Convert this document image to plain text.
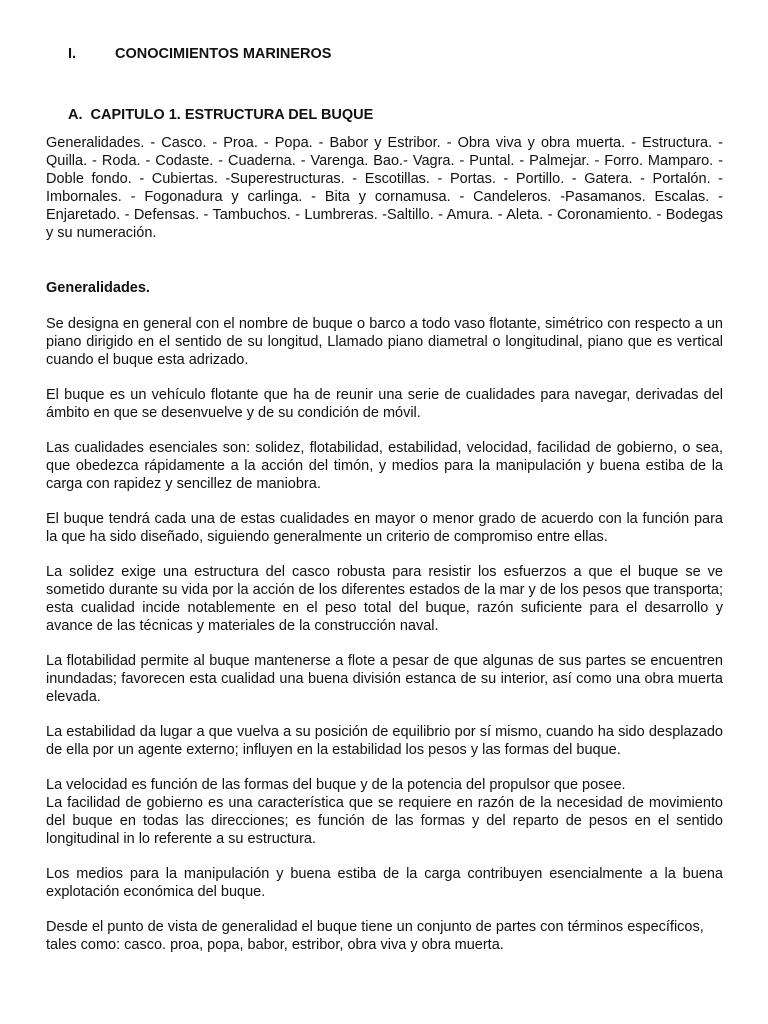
I.	CONOCIMIENTOS MARINEROS
A.  CAPITULO 1. ESTRUCTURA DEL BUQUE

Generalidades. - Casco. - Proa. - Popa. - Babor y Estribor. - Obra viva y obra muerta. - Estructura. - Quilla. - Roda. - Codaste. - Cuaderna. - Varenga. Bao.- Vagra. - Puntal. - Palmejar. - Forro. Mamparo. - Doble fondo. - Cubiertas. -Superestructuras. - Escotillas. - Portas. - Portillo. - Gatera. - Portalón. - Imbornales. - Fogonadura y carlinga. - Bita y cornamusa. - Candeleros. -Pasamanos. Escalas. - Enjaretado. - Defensas. - Tambuchos. - Lumbreras. -Saltillo. - Amura. - Aleta. - Coronamiento. - Bodegas y su numeración.

Generalidades.

Se designa en general con el nombre de buque o barco a todo vaso flotante, simétrico con respecto a un piano dirigido en el sentido de su longitud, Llamado piano diametral o longitudinal, piano que es vertical cuando el buque esta adrizado.

El buque es un vehículo flotante que ha de reunir una serie de cualidades para navegar, derivadas del ámbito en que se desenvuelve y de su condición de móvil.

Las cualidades esenciales son: solidez, flotabilidad, estabilidad, velocidad, facilidad de gobierno, o sea, que obedezca rápidamente a la acción del timón, y medios para la manipulación y buena estiba de la carga con rapidez y sencillez de maniobra.

El buque tendrá cada una de estas cualidades en mayor o menor grado de acuerdo con la función para la que ha sido diseñado, siguiendo generalmente un criterio de compromiso entre ellas.

La solidez exige una estructura del casco robusta para resistir los esfuerzos a que el buque se ve sometido durante su vida por la acción de los diferentes estados de la mar y de los pesos que transporta; esta cualidad incide notablemente en el peso total del buque, razón suficiente para el desarrollo y avance de las técnicas y materiales de la construcción naval.

La flotabilidad permite al buque mantenerse a flote a pesar de que algunas de sus partes se encuentren inundadas; favorecen esta cualidad una buena división estanca de su interior, así como una obra muerta elevada.

La estabilidad da lugar a que vuelva a su posición de equilibrio por sí mismo, cuando ha sido desplazado de ella por un agente externo; influyen en la estabilidad los pesos y las formas del buque.

La velocidad es función de las formas del buque y de la potencia del propulsor que posee.

La facilidad de gobierno es una característica que se requiere en razón de la necesidad de movimiento del buque en todas las direcciones; es función de las formas y del reparto de pesos en el sentido longitudinal in lo referente a su estructura.

Los medios para la manipulación y buena estiba de la carga contribuyen esencialmente a la buena explotación económica del buque.

Desde el punto de vista de generalidad el buque tiene un conjunto de partes con términos específicos, tales como: casco. proa, popa, babor, estribor, obra viva y obra muerta.
